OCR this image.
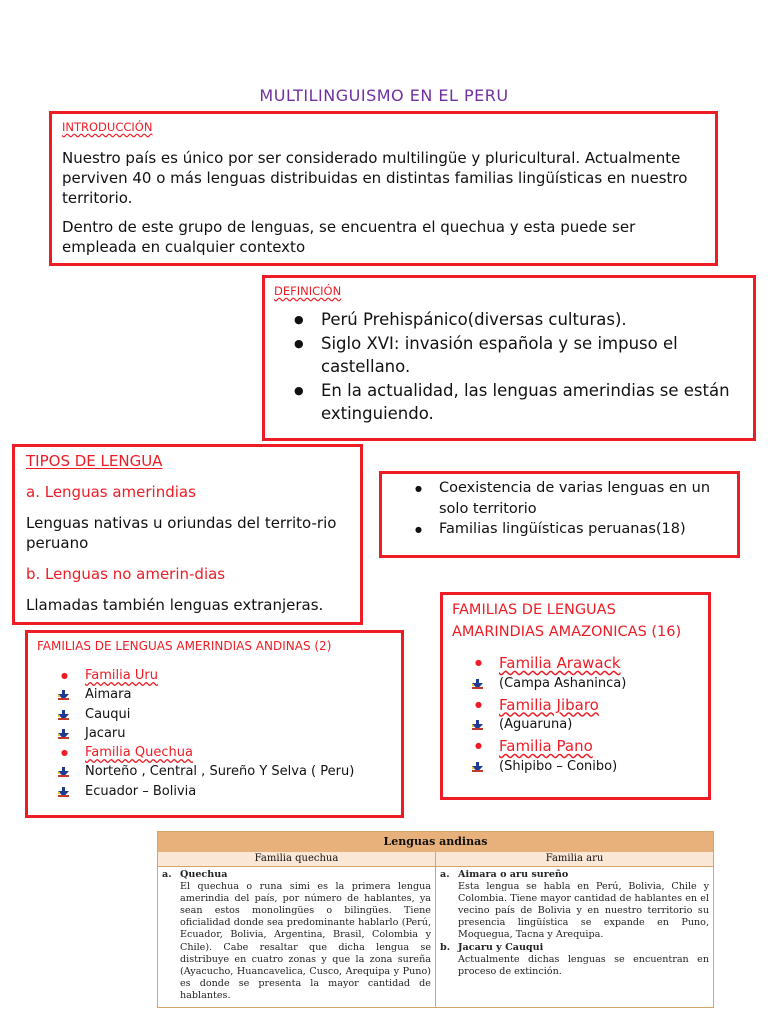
MULTILINGUISMO EN EL PERU
INTRODUCCIÓN

Nuestro país es único por ser considerado multilingüe y pluricultural. Actualmente perviven 40 o más lenguas distribuidas en distintas familias lingüísticas en nuestro territorio.

Dentro de este grupo de lenguas, se encuentra el quechua y esta puede ser empleada en cualquier contexto

DEFINICIÓN
● Perú Prehispánico(diversas culturas).
● Siglo XVI: invasión española y se impuso el castellano.
● En la actualidad, las lenguas amerindias se están extinguiendo.
TIPOS DE LENGUA
a. Lenguas amerindias
Lenguas nativas u oriundas del territo-rio peruano
b. Lenguas no amerin-dias
Llamadas también lenguas extranjeras.
● Coexistencia de varias lenguas en un solo territorio
● Familias lingüísticas peruanas(18)
FAMILIAS DE LENGUAS AMERINDIAS ANDINAS (2)
● Familia Uru
Aimara
Cauqui
Jacaru
● Familia Quechua
Norteño , Central , Sureño Y Selva ( Peru)
Ecuador – Bolivia
FAMILIAS DE LENGUAS AMARINDIAS AMAZONICAS (16)
● Familia Arawack
(Campa Ashaninca)
● Familia Jibaro
(Aguaruna)
● Familia Pano
(Shipibo – Conibo)
Lenguas andinas
Familia quechua	Familia aru
a. Quechua
El quechua o runa simi es la primera lengua amerindia del país, por número de hablantes, ya sean estos monolingües o bilingües. Tiene oficialidad donde sea predominante hablarlo (Perú, Ecuador, Bolivia, Argentina, Brasil, Colombia y Chile). Cabe resaltar que dicha lengua se distribuye en cuatro zonas y que la zona sureña (Ayacucho, Huancavelica, Cusco, Arequipa y Puno) es donde se presenta la mayor cantidad de hablantes.
a. Aimara o aru sureño
Esta lengua se habla en Perú, Bolivia, Chile y Colombia. Tiene mayor cantidad de hablantes en el vecino país de Bolivia y en nuestro territorio su presencia lingüística se expande en Puno, Moquegua, Tacna y Arequipa.
b. Jacaru y Cauqui
Actualmente dichas lenguas se encuentran en proceso de extinción.
